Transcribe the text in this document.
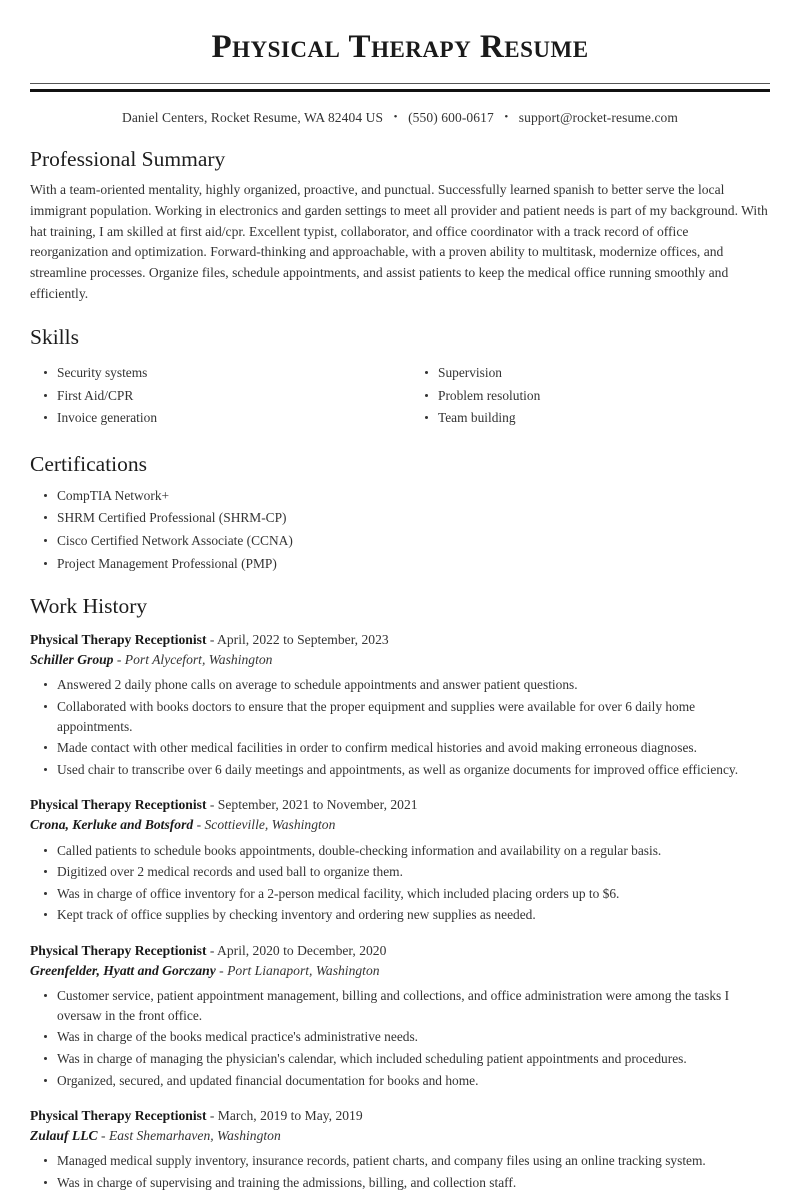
Physical Therapy Resume
Daniel Centers, Rocket Resume, WA 82404 US • (550) 600-0617 • support@rocket-resume.com
Professional Summary

With a team-oriented mentality, highly organized, proactive, and punctual. Successfully learned spanish to better serve the local immigrant population. Working in electronics and garden settings to meet all provider and patient needs is part of my background. With hat training, I am skilled at first aid/cpr. Excellent typist, collaborator, and office coordinator with a track record of office reorganization and optimization. Forward-thinking and approachable, with a proven ability to multitask, modernize offices, and streamline processes. Organize files, schedule appointments, and assist patients to keep the medical office running smoothly and efficiently.

Skills
Security systems
First Aid/CPR
Invoice generation
Supervision
Problem resolution
Team building
Certifications
CompTIA Network+
SHRM Certified Professional (SHRM-CP)
Cisco Certified Network Associate (CCNA)
Project Management Professional (PMP)
Work History
Physical Therapy Receptionist - April, 2022 to September, 2023
Schiller Group - Port Alycefort, Washington
Answered 2 daily phone calls on average to schedule appointments and answer patient questions.
Collaborated with books doctors to ensure that the proper equipment and supplies were available for over 6 daily home appointments.
Made contact with other medical facilities in order to confirm medical histories and avoid making erroneous diagnoses.
Used chair to transcribe over 6 daily meetings and appointments, as well as organize documents for improved office efficiency.
Physical Therapy Receptionist - September, 2021 to November, 2021
Crona, Kerluke and Botsford - Scottieville, Washington
Called patients to schedule books appointments, double-checking information and availability on a regular basis.
Digitized over 2 medical records and used ball to organize them.
Was in charge of office inventory for a 2-person medical facility, which included placing orders up to $6.
Kept track of office supplies by checking inventory and ordering new supplies as needed.
Physical Therapy Receptionist - April, 2020 to December, 2020
Greenfelder, Hyatt and Gorczany - Port Lianaport, Washington
Customer service, patient appointment management, billing and collections, and office administration were among the tasks I oversaw in the front office.
Was in charge of the books medical practice's administrative needs.
Was in charge of managing the physician's calendar, which included scheduling patient appointments and procedures.
Organized, secured, and updated financial documentation for books and home.
Physical Therapy Receptionist - March, 2019 to May, 2019
Zulauf LLC - East Shemarhaven, Washington
Managed medical supply inventory, insurance records, patient charts, and company files using an online tracking system.
Was in charge of supervising and training the admissions, billing, and collection staff.
